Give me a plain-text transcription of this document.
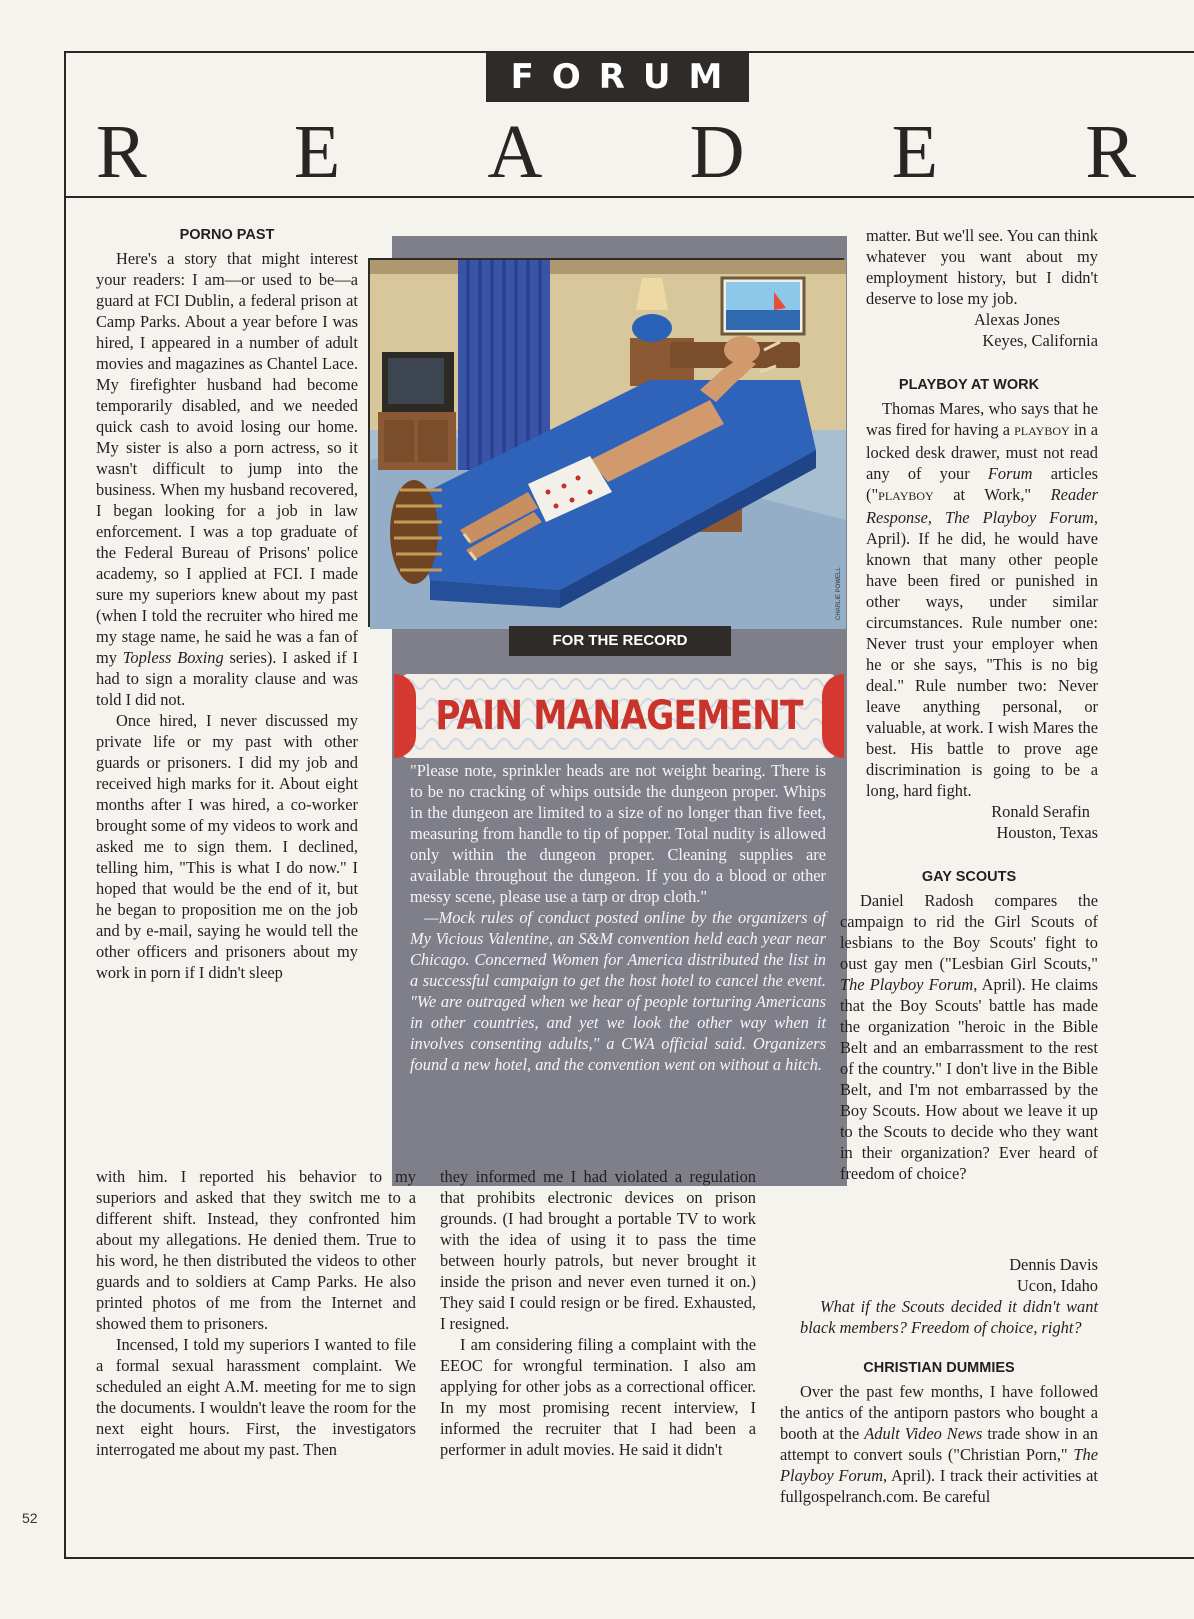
FORUM
R E A D E R
CHARLIE POWELL
FOR THE RECORD
PAIN MANAGEMENT

"Please note, sprinkler heads are not weight bearing. There is to be no cracking of whips outside the dungeon proper. Whips in the dungeon are limited to a size of no longer than five feet, measuring from handle to tip of popper. Total nudity is allowed only within the dungeon proper. Cleaning supplies are available throughout the dungeon. If you do a blood or other messy scene, please use a tarp or drop cloth."

—Mock rules of conduct posted online by the organizers of My Vicious Valentine, an S&M convention held each year near Chicago. Concerned Women for America distributed the list in a successful campaign to get the host hotel to cancel the event. "We are outraged when we hear of people torturing Americans in other countries, and yet we look the other way when it involves consenting adults," a CWA official said. Organizers found a new hotel, and the convention went on without a hitch.

PORNO PAST

Here's a story that might interest your readers: I am—or used to be—a guard at FCI Dublin, a federal prison at Camp Parks. About a year before I was hired, I appeared in a number of adult movies and magazines as Chantel Lace. My firefighter husband had become temporarily disabled, and we needed quick cash to avoid losing our home. My sister is also a porn actress, so it wasn't difficult to jump into the business. When my husband recovered, I began looking for a job in law enforcement. I was a top graduate of the Federal Bureau of Prisons' police academy, so I applied at FCI. I made sure my superiors knew about my past (when I told the recruiter who hired me my stage name, he said he was a fan of my Topless Boxing series). I asked if I had to sign a morality clause and was told I did not.

Once hired, I never discussed my private life or my past with other guards or prisoners. I did my job and received high marks for it. About eight months after I was hired, a co-worker brought some of my videos to work and asked me to sign them. I declined, telling him, "This is what I do now." I hoped that would be the end of it, but he began to proposition me on the job and by e-mail, saying he would tell the other officers and prisoners about my work in porn if I didn't sleep

with him. I reported his behavior to my superiors and asked that they switch me to a different shift. Instead, they confronted him about my allegations. He denied them. True to his word, he then distributed the videos to other guards and to soldiers at Camp Parks. He also printed photos of me from the Internet and showed them to prisoners.

Incensed, I told my superiors I wanted to file a formal sexual harassment complaint. We scheduled an eight A.M. meeting for me to sign the documents. I wouldn't leave the room for the next eight hours. First, the investigators interrogated me about my past. Then

they informed me I had violated a regulation that prohibits electronic devices on prison grounds. (I had brought a portable TV to work with the idea of using it to pass the time between hourly patrols, but never brought it inside the prison and never even turned it on.) They said I could resign or be fired. Exhausted, I resigned.

I am considering filing a complaint with the EEOC for wrongful termination. I also am applying for other jobs as a correctional officer. In my most promising recent interview, I informed the recruiter that I had been a performer in adult movies. He said it didn't

matter. But we'll see. You can think whatever you want about my employment history, but I didn't deserve to lose my job.

Alexas Jones
Keyes, California
PLAYBOY AT WORK

Thomas Mares, who says that he was fired for having a PLAYBOY in a locked desk drawer, must not read any of your Forum articles ("PLAYBOY at Work," Reader Response, The Playboy Forum, April). If he did, he would have known that many other people have been fired or punished in other ways, under similar circumstances. Rule number one: Never trust your employer when he or she says, "This is no big deal." Rule number two: Never leave anything personal, or valuable, at work. I wish Mares the best. His battle to prove age discrimination is going to be a long, hard fight.

Ronald Serafin
Houston, Texas
GAY SCOUTS

Daniel Radosh compares the campaign to rid the Girl Scouts of lesbians to the Boy Scouts' fight to oust gay men ("Lesbian Girl Scouts," The Playboy Forum, April). He claims that the Boy Scouts' battle has made the organization "heroic in the Bible Belt and an embarrassment to the rest of the country." I don't live in the Bible Belt, and I'm not embarrassed by the Boy Scouts. How about we leave it up to the Scouts to decide who they want in their organization? Ever heard of freedom of choice?

Dennis Davis
Ucon, Idaho

What if the Scouts decided it didn't want black members? Freedom of choice, right?

CHRISTIAN DUMMIES

Over the past few months, I have followed the antics of the antiporn pastors who bought a booth at the Adult Video News trade show in an attempt to convert souls ("Christian Porn," The Playboy Forum, April). I track their activities at fullgospelranch.com. Be careful

52
